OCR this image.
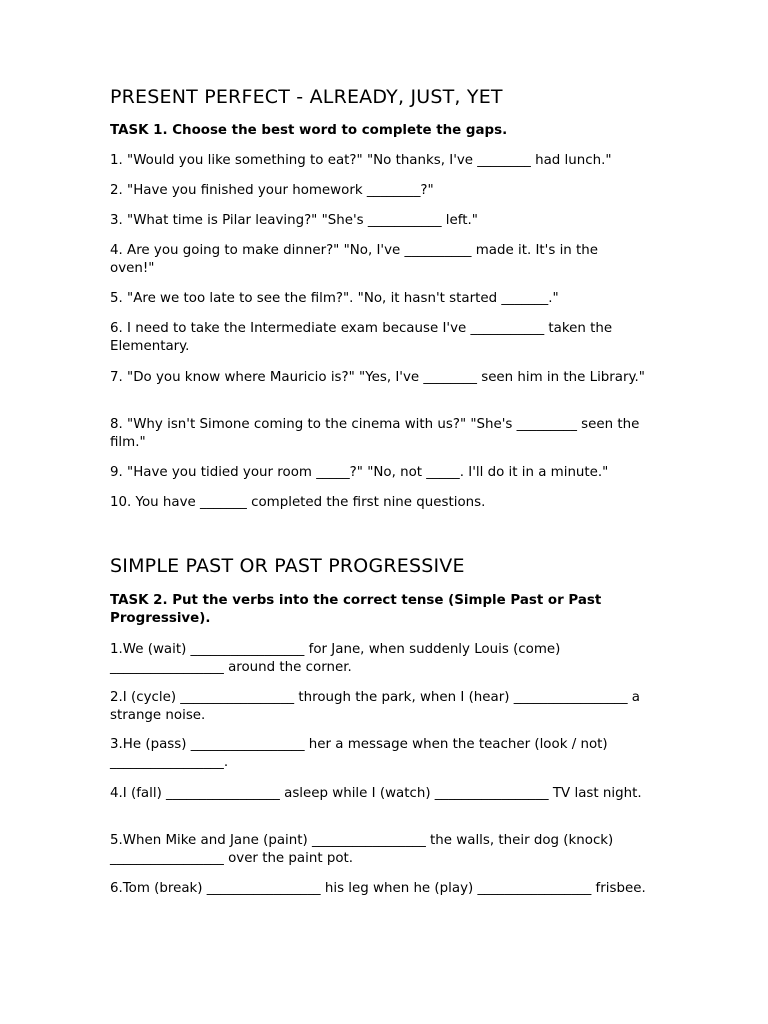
PRESENT PERFECT - ALREADY, JUST, YET

TASK 1. Choose the best word to complete the gaps.

1. "Would you like something to eat?" "No thanks, I've ________ had lunch."

2. "Have you finished your homework ________?"

3. "What time is Pilar leaving?" "She's ___________ left."

4. Are you going to make dinner?" "No, I've __________ made it. It's in the oven!"

5. "Are we too late to see the film?". "No, it hasn't started _______."

6. I need to take the Intermediate exam because I've ___________ taken the Elementary.

7. "Do you know where Mauricio is?" "Yes, I've ________ seen him in the Library."

8. "Why isn't Simone coming to the cinema with us?" "She's _________ seen the film."

9. "Have you tidied your room _____?" "No, not _____. I'll do it in a minute."

10. You have _______ completed the first nine questions.

SIMPLE PAST OR PAST PROGRESSIVE

TASK 2. Put the verbs into the correct tense (Simple Past or Past Progressive).

1.We (wait) _________________ for Jane, when suddenly Louis (come) _________________ around the corner.

2.I (cycle) _________________ through the park, when I (hear) _________________ a strange noise.

3.He (pass) _________________ her a message when the teacher (look / not) _________________.

4.I (fall) _________________ asleep while I (watch) _________________ TV last night.

5.When Mike and Jane (paint) _________________ the walls, their dog (knock) _________________ over the paint pot.

6.Tom (break) _________________ his leg when he (play) _________________ frisbee.
